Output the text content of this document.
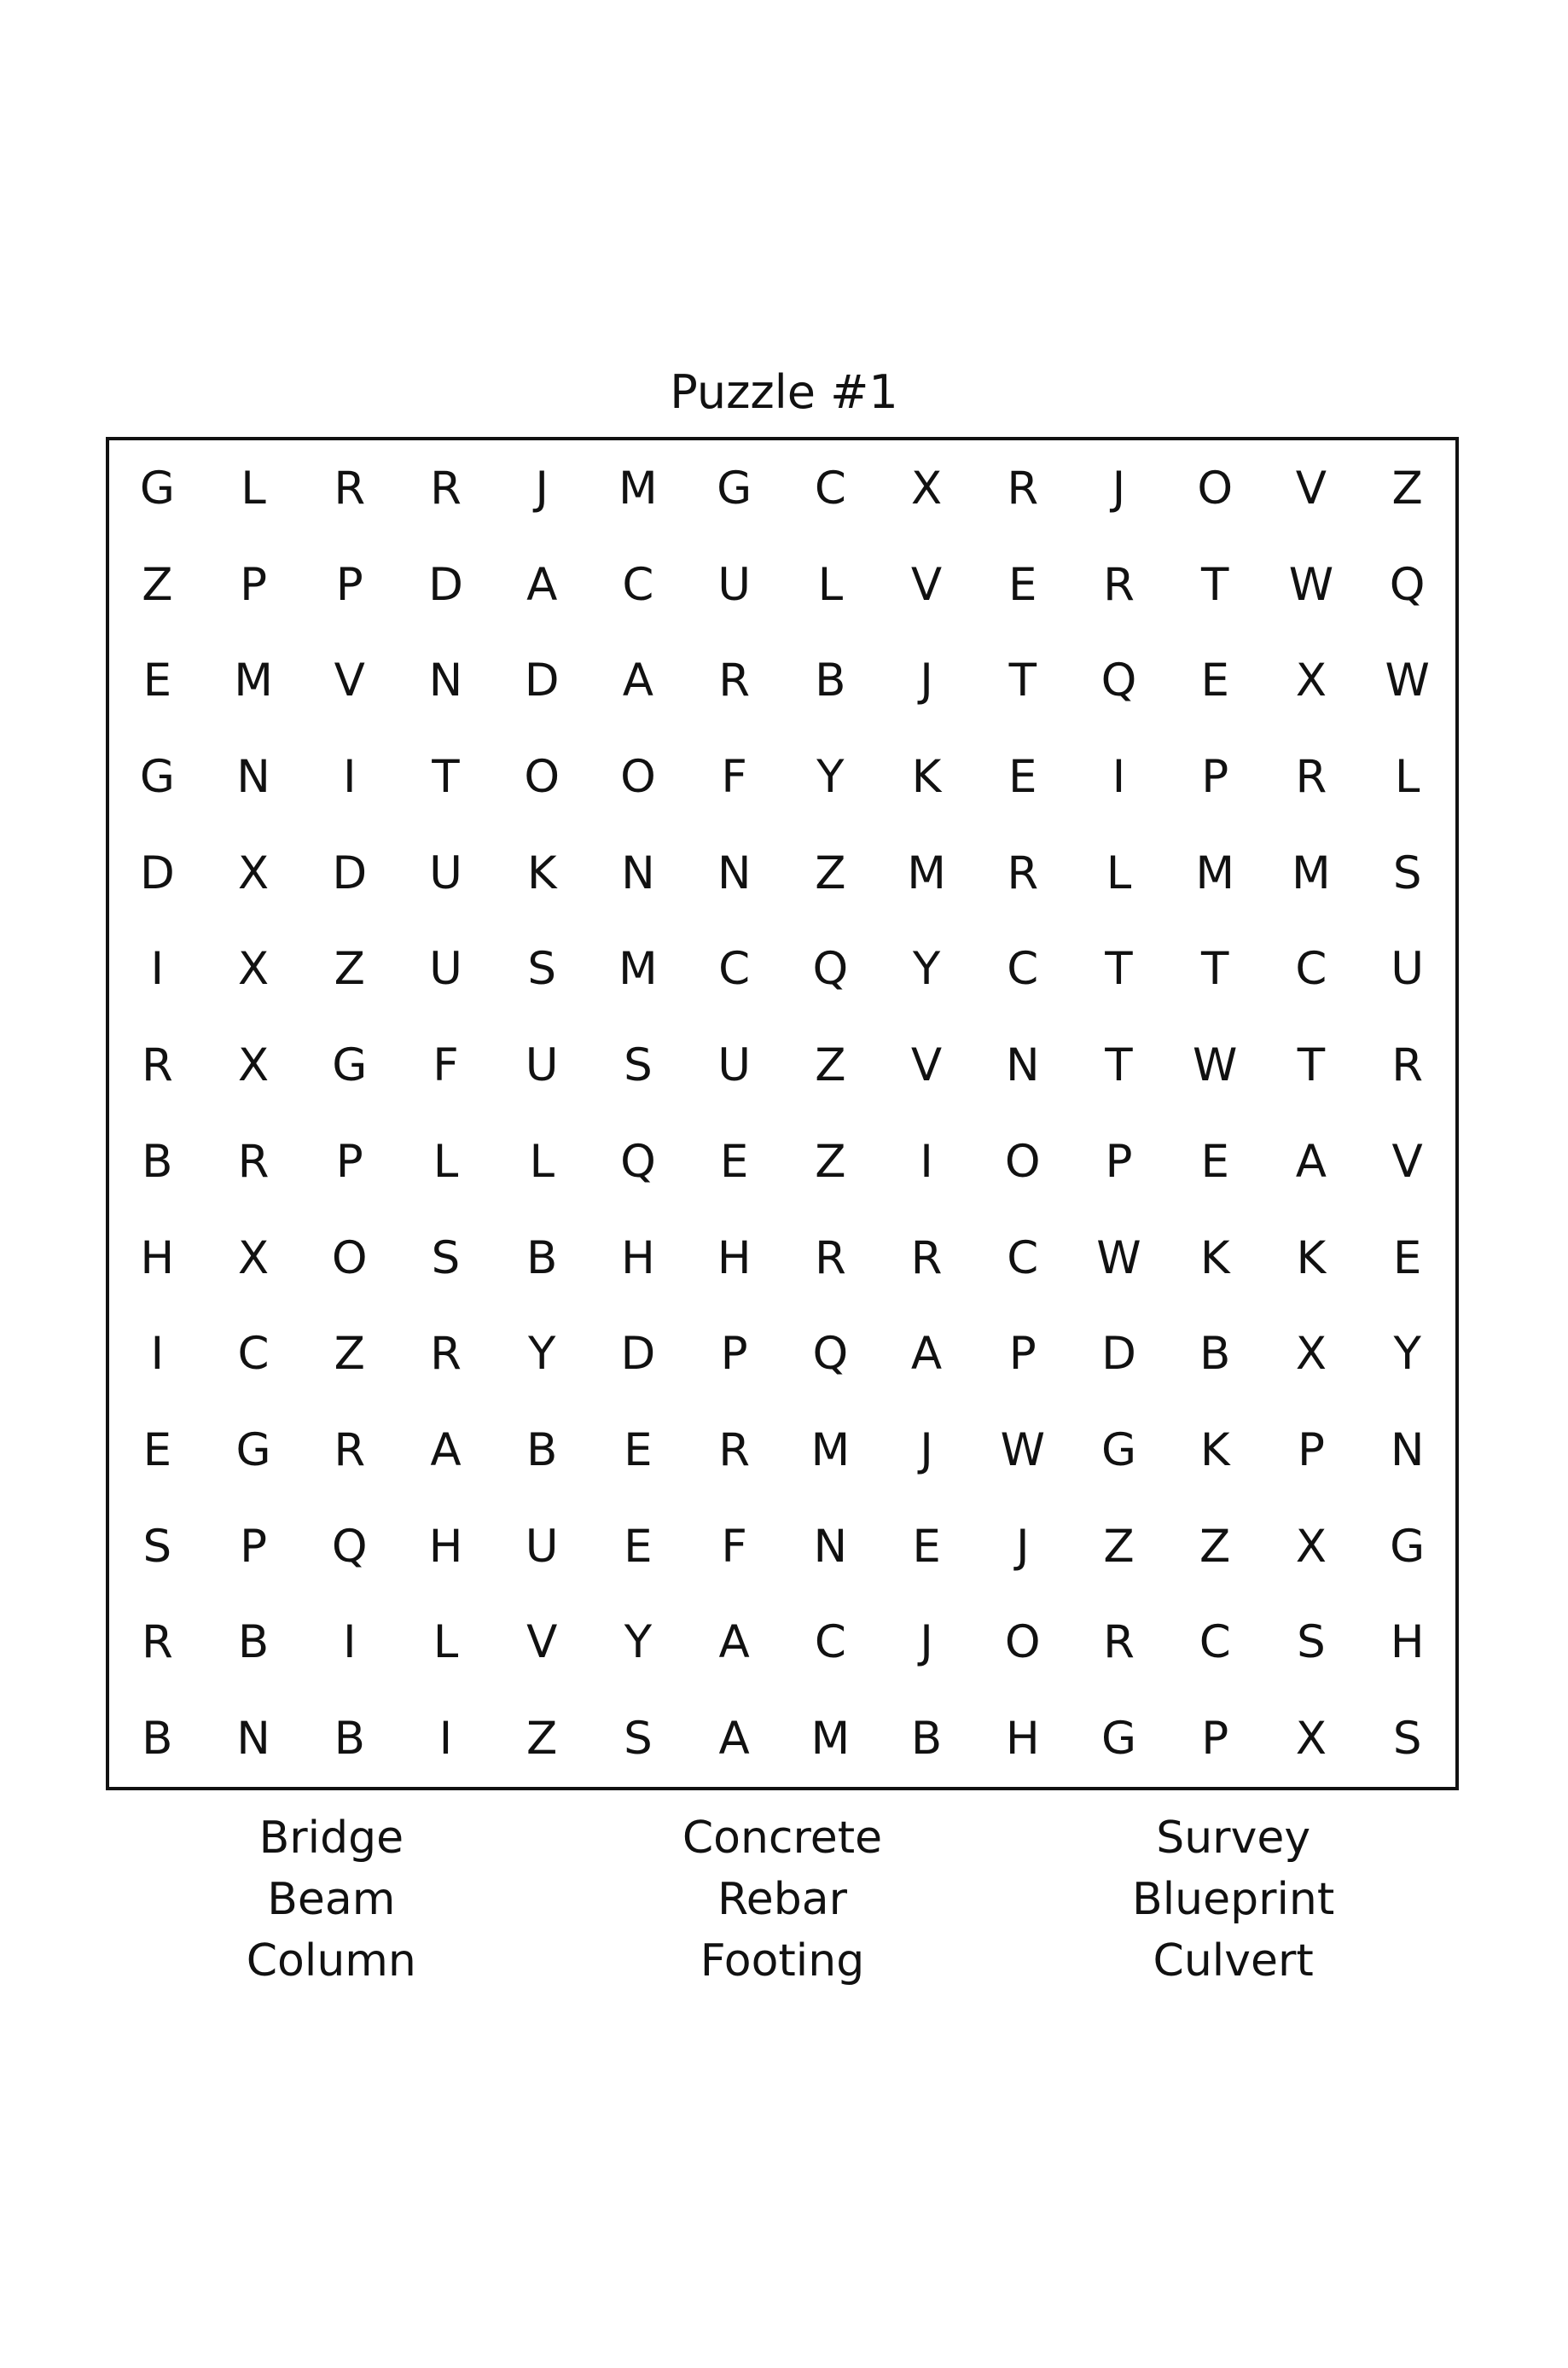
Puzzle #1
G	L	R	R	J	M	G	C	X	R	J	O	V	Z
Z	P	P	D	A	C	U	L	V	E	R	T	W	Q
E	M	V	N	D	A	R	B	J	T	Q	E	X	W
G	N	I	T	O	O	F	Y	K	E	I	P	R	L
D	X	D	U	K	N	N	Z	M	R	L	M	M	S
I	X	Z	U	S	M	C	Q	Y	C	T	T	C	U
R	X	G	F	U	S	U	Z	V	N	T	W	T	R
B	R	P	L	L	Q	E	Z	I	O	P	E	A	V
H	X	O	S	B	H	H	R	R	C	W	K	K	E
I	C	Z	R	Y	D	P	Q	A	P	D	B	X	Y
E	G	R	A	B	E	R	M	J	W	G	K	P	N
S	P	Q	H	U	E	F	N	E	J	Z	Z	X	G
R	B	I	L	V	Y	A	C	J	O	R	C	S	H
B	N	B	I	Z	S	A	M	B	H	G	P	X	S
Bridge
Beam
Column
Concrete
Rebar
Footing
Survey
Blueprint
Culvert
